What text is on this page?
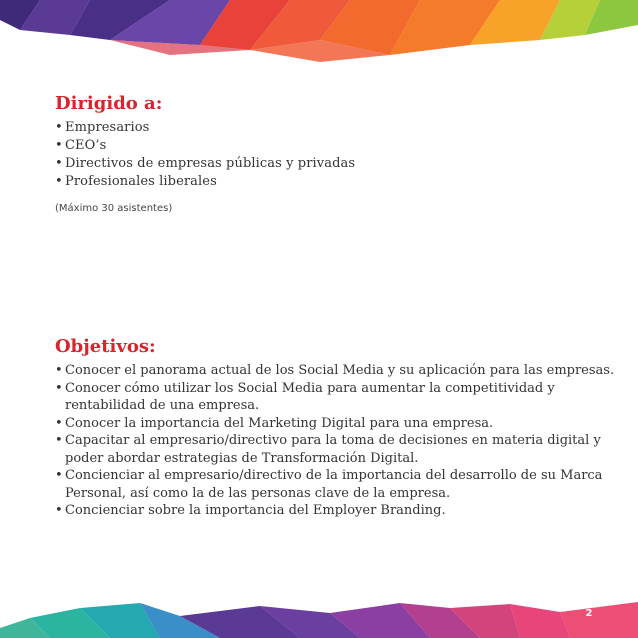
Dirigido a:
• Empresarios
• CEO’s
• Directivos de empresas públicas y privadas
• Profesionales liberales
(Máximo 30 asistentes)
Objetivos:
• Conocer el panorama actual de los Social Media y su aplicación para las empresas.
• Conocer cómo utilizar los Social Media para aumentar la competitividad y rentabilidad de una empresa.
• Conocer la importancia del Marketing Digital para una empresa.
• Capacitar al empresario/directivo para la toma de decisiones en materia digital y poder abordar estrategias de Transformación Digital.
• Concienciar al empresario/directivo de la importancia del desarrollo de su Marca Personal, así como la de las personas clave de la empresa.
• Concienciar sobre la importancia del Employer Branding.
2
